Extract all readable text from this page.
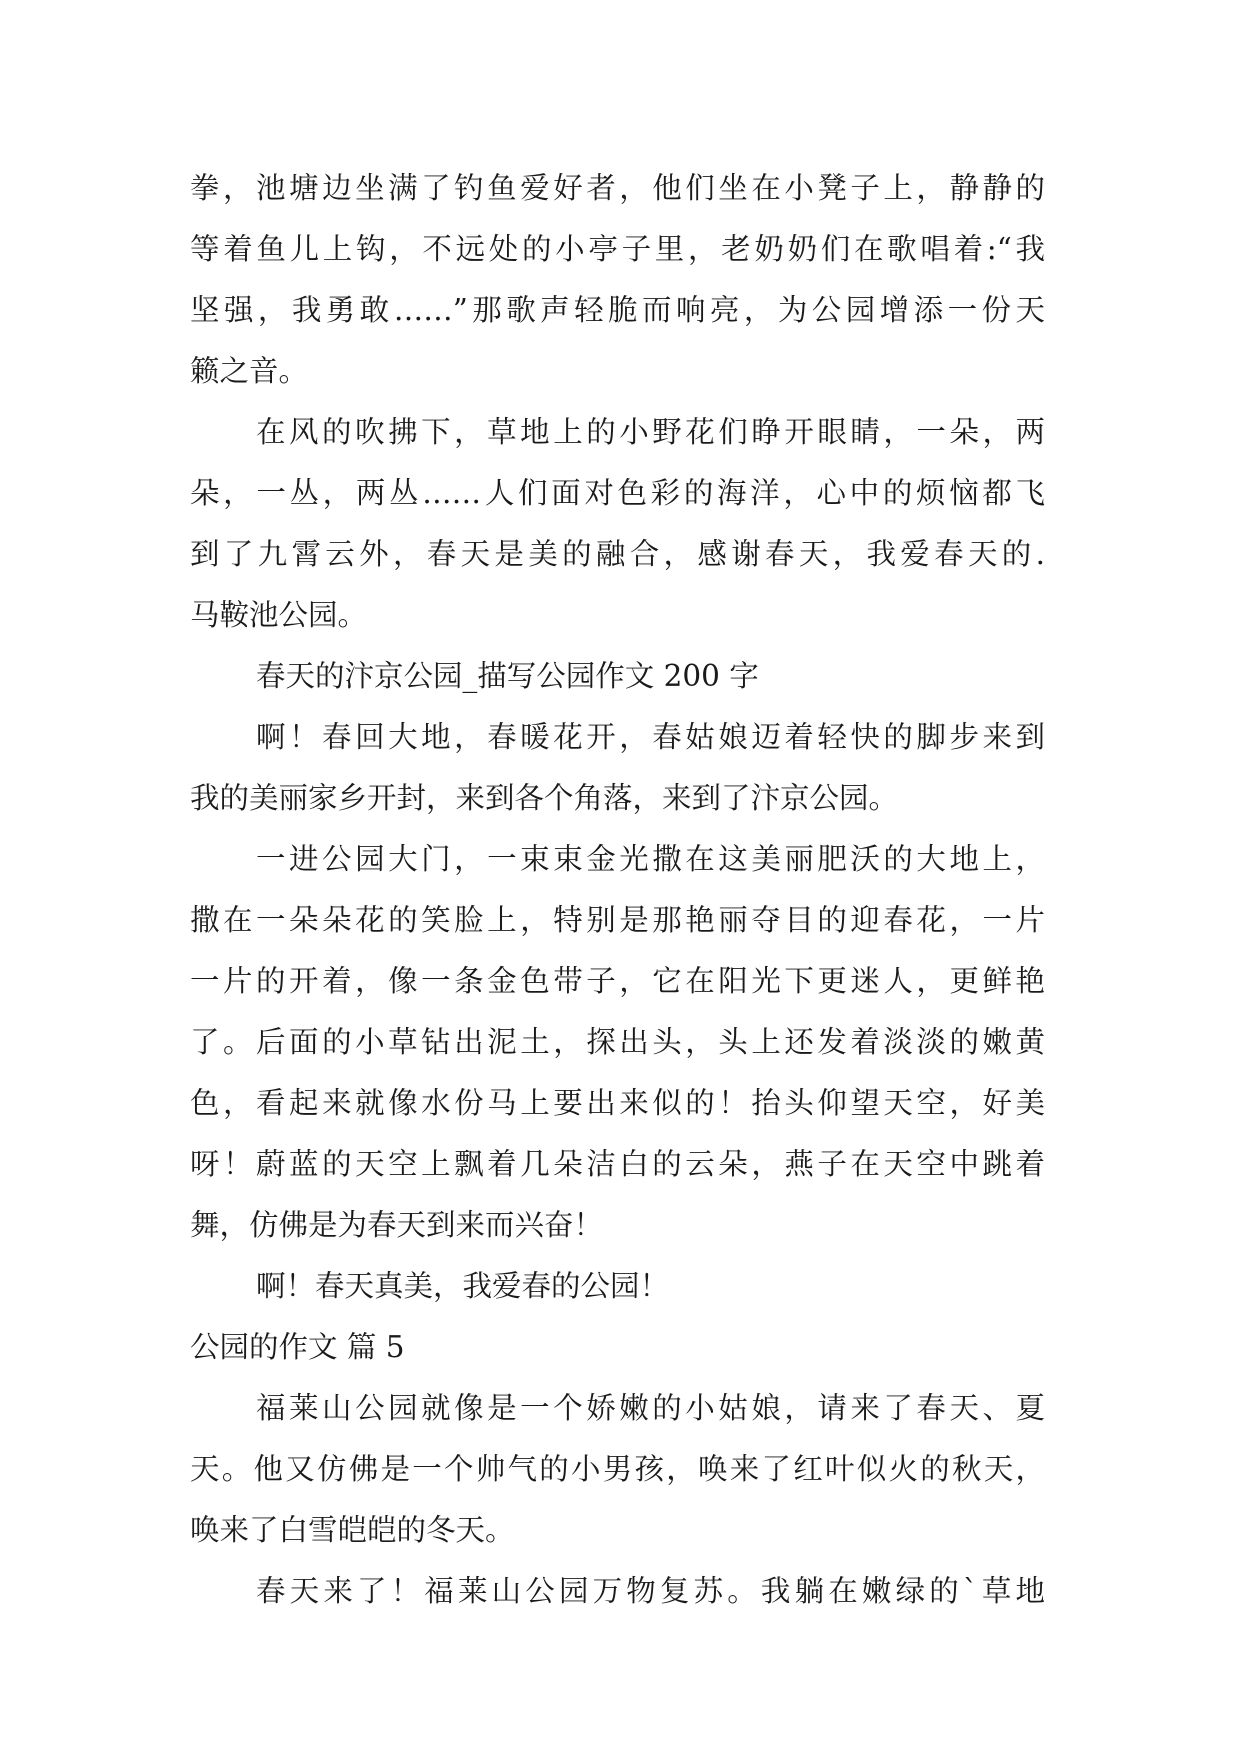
拳，池塘边坐满了钓鱼爱好者，他们坐在小凳子上，静静的
等着鱼儿上钩，不远处的小亭子里，老奶奶们在歌唱着:“我
坚强，我勇敢……”那歌声轻脆而响亮，为公园增添一份天
籁之音。
在风的吹拂下，草地上的小野花们睁开眼睛，一朵，两
朵，一丛，两丛……人们面对色彩的海洋，心中的烦恼都飞
到了九霄云外，春天是美的融合，感谢春天，我爱春天的.
马鞍池公园。
春天的汴京公园_描写公园作文 200 字
啊！春回大地，春暖花开，春姑娘迈着轻快的脚步来到
我的美丽家乡开封，来到各个角落，来到了汴京公园。
一进公园大门，一束束金光撒在这美丽肥沃的大地上，
撒在一朵朵花的笑脸上，特别是那艳丽夺目的迎春花，一片
一片的开着，像一条金色带子，它在阳光下更迷人，更鲜艳
了。后面的小草钻出泥土，探出头，头上还发着淡淡的嫩黄
色，看起来就像水份马上要出来似的！抬头仰望天空，好美
呀！蔚蓝的天空上飘着几朵洁白的云朵，燕子在天空中跳着
舞，仿佛是为春天到来而兴奋！
啊！春天真美，我爱春的公园！
公园的作文 篇 5
福莱山公园就像是一个娇嫩的小姑娘，请来了春天、夏
天。他又仿佛是一个帅气的小男孩，唤来了红叶似火的秋天，
唤来了白雪皑皑的冬天。
春天来了！福莱山公园万物复苏。我躺在嫩绿的`草地
